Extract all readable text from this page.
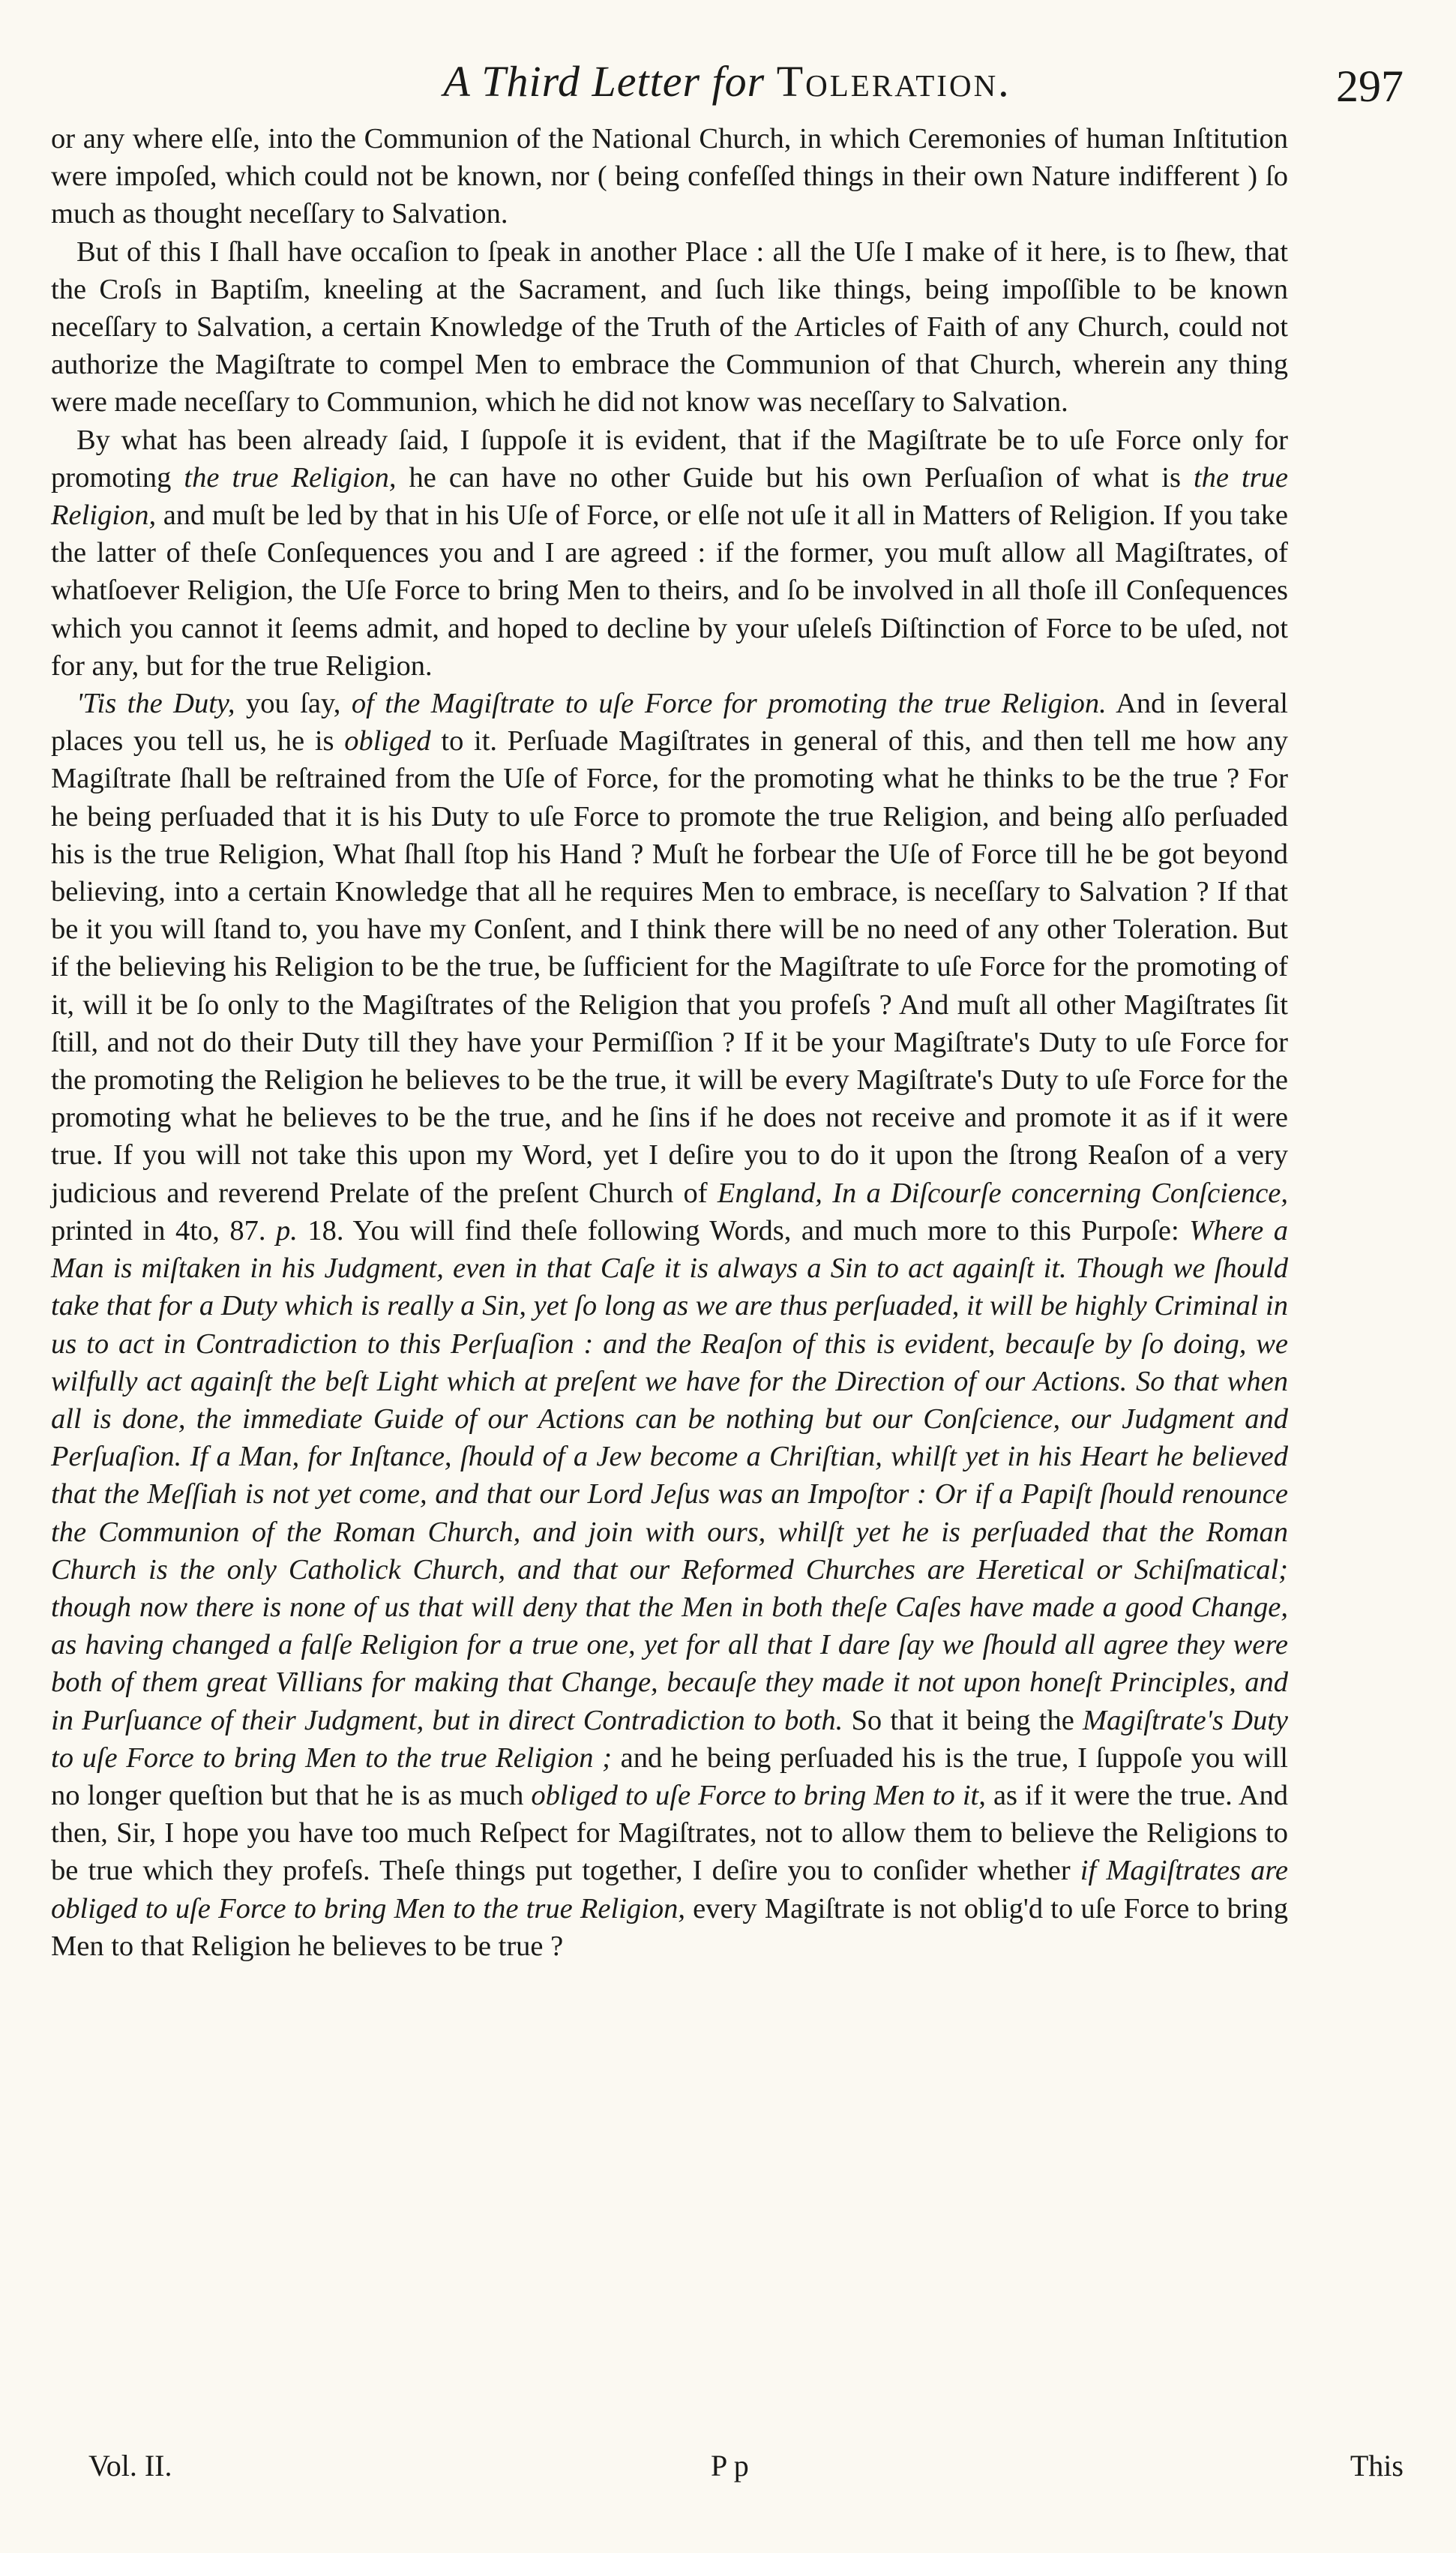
A Third Letter for Toleration.	297

or any where elſe, into the Communion of the National Church, in which Ceremonies of human Inſtitution were impoſed, which could not be known, nor ( being confeſſed things in their own Nature indifferent ) ſo much as thought neceſſary to Salvation.

But of this I ſhall have occaſion to ſpeak in another Place : all the Uſe I make of it here, is to ſhew, that the Croſs in Baptiſm, kneeling at the Sacrament, and ſuch like things, being impoſſible to be known neceſſary to Salvation, a certain Knowledge of the Truth of the Articles of Faith of any Church, could not authorize the Magiſtrate to compel Men to embrace the Communion of that Church, wherein any thing were made neceſſary to Communion, which he did not know was neceſſary to Salvation.

By what has been already ſaid, I ſuppoſe it is evident, that if the Magiſtrate be to uſe Force only for promoting the true Religion, he can have no other Guide but his own Perſuaſion of what is the true Religion, and muſt be led by that in his Uſe of Force, or elſe not uſe it all in Matters of Religion. If you take the latter of theſe Conſequences you and I are agreed : if the former, you muſt allow all Magiſtrates, of whatſoever Religion, the Uſe Force to bring Men to theirs, and ſo be involved in all thoſe ill Conſequences which you cannot it ſeems admit, and hoped to decline by your uſeleſs Diſtinction of Force to be uſed, not for any, but for the true Religion.

'Tis the Duty, you ſay, of the Magiſtrate to uſe Force for promoting the true Religion. And in ſeveral places you tell us, he is obliged to it. Perſuade Magiſtrates in general of this, and then tell me how any Magiſtrate ſhall be reſtrained from the Uſe of Force, for the promoting what he thinks to be the true ? For he being perſuaded that it is his Duty to uſe Force to promote the true Religion, and being alſo perſuaded his is the true Religion, What ſhall ſtop his Hand ? Muſt he forbear the Uſe of Force till he be got beyond believing, into a certain Knowledge that all he requires Men to embrace, is neceſſary to Salvation ? If that be it you will ſtand to, you have my Conſent, and I think there will be no need of any other Toleration. But if the believing his Religion to be the true, be ſufficient for the Magiſtrate to uſe Force for the promoting of it, will it be ſo only to the Magiſtrates of the Religion that you profeſs ? And muſt all other Magiſtrates ſit ſtill, and not do their Duty till they have your Permiſſion ? If it be your Magiſtrate's Duty to uſe Force for the promoting the Religion he believes to be the true, it will be every Magiſtrate's Duty to uſe Force for the promoting what he believes to be the true, and he ſins if he does not receive and promote it as if it were true. If you will not take this upon my Word, yet I deſire you to do it upon the ſtrong Reaſon of a very judicious and reverend Prelate of the preſent Church of England, In a Diſcourſe concerning Conſcience, printed in 4to, 87. p. 18. You will find theſe following Words, and much more to this Purpoſe: Where a Man is miſtaken in his Judgment, even in that Caſe it is always a Sin to act againſt it. Though we ſhould take that for a Duty which is really a Sin, yet ſo long as we are thus perſuaded, it will be highly Criminal in us to act in Contradiction to this Perſuaſion : and the Reaſon of this is evident, becauſe by ſo doing, we wilfully act againſt the beſt Light which at preſent we have for the Direction of our Actions. So that when all is done, the immediate Guide of our Actions can be nothing but our Conſcience, our Judgment and Perſuaſion. If a Man, for Inſtance, ſhould of a Jew become a Chriſtian, whilſt yet in his Heart he believed that the Meſſiah is not yet come, and that our Lord Jeſus was an Impoſtor : Or if a Papiſt ſhould renounce the Communion of the Roman Church, and join with ours, whilſt yet he is perſuaded that the Roman Church is the only Catholick Church, and that our Reformed Churches are Heretical or Schiſmatical; though now there is none of us that will deny that the Men in both theſe Caſes have made a good Change, as having changed a falſe Religion for a true one, yet for all that I dare ſay we ſhould all agree they were both of them great Villians for making that Change, becauſe they made it not upon honeſt Principles, and in Purſuance of their Judgment, but in direct Contradiction to both. So that it being the Magiſtrate's Duty to uſe Force to bring Men to the true Religion ; and he being perſuaded his is the true, I ſuppoſe you will no longer queſtion but that he is as much obliged to uſe Force to bring Men to it, as if it were the true. And then, Sir, I hope you have too much Reſpect for Magiſtrates, not to allow them to believe the Religions to be true which they profeſs. Theſe things put together, I deſire you to conſider whether if Magiſtrates are obliged to uſe Force to bring Men to the true Religion, every Magiſtrate is not oblig'd to uſe Force to bring Men to that Religion he believes to be true ?

Vol. II.	P p	This
